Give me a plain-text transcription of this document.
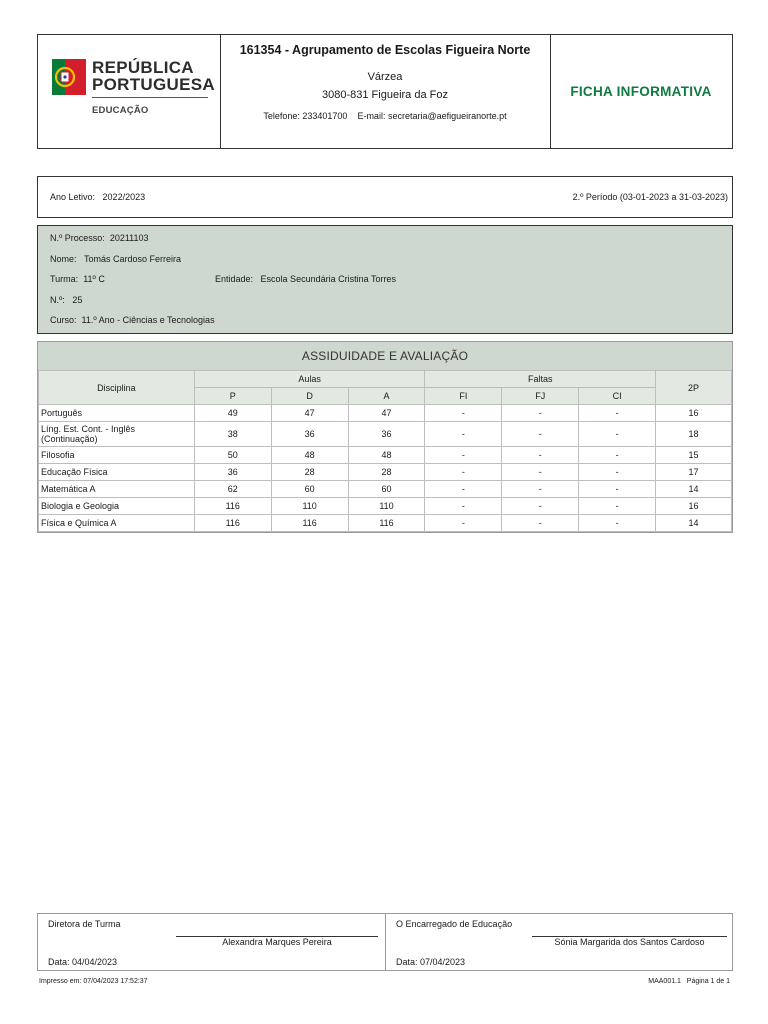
REPÚBLICA
PORTUGUESA
EDUCAÇÃO
161354 - Agrupamento de Escolas Figueira Norte
Várzea
3080-831 Figueira da Foz
Telefone: 233401700    E-mail: secretaria@aefigueiranorte.pt
FICHA INFORMATIVA
Ano Letivo: 2022/2023	2.º Período (03-01-2023 a 31-03-2023)
N.º Processo: 20211103
Nome: Tomás Cardoso Ferreira
Turma: 11º C	Entidade: Escola Secundária Cristina Torres
N.º: 25
Curso: 11.º Ano - Ciências e Tecnologias
ASSIDUIDADE E AVALIAÇÃO
Disciplina	Aulas			Faltas			2P
	P	D	A	FI	FJ	CI	
Português	49	47	47	-	-	-	16
Líng. Est. Cont. - Inglês (Continuação)	38	36	36	-	-	-	18
Filosofia	50	48	48	-	-	-	15
Educação Física	36	28	28	-	-	-	17
Matemática A	62	60	60	-	-	-	14
Biologia e Geologia	116	110	110	-	-	-	16
Física e Química A	116	116	116	-	-	-	14
Diretora de Turma
Alexandra Marques Pereira
Data: 04/04/2023
O Encarregado de Educação
Sónia Margarida dos Santos Cardoso
Data: 07/04/2023
Impresso em: 07/04/2023 17:52:37	MAA001.1   Página 1 de 1
